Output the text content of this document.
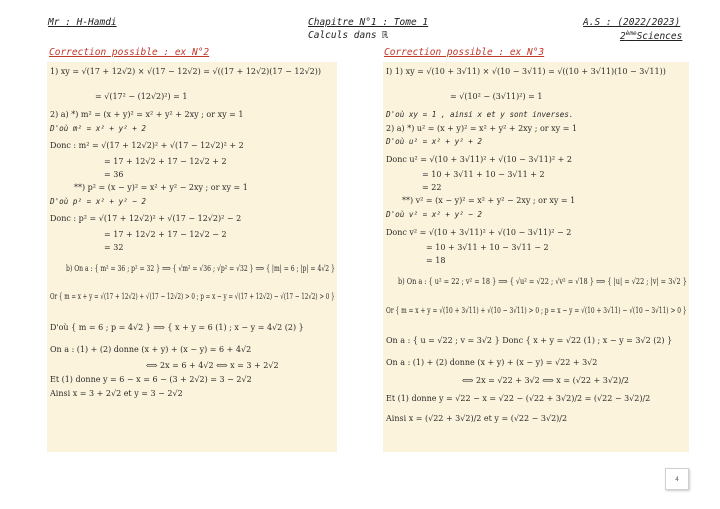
Mr : H-Hamdi	Chapitre N°1 : Tome 1
Calculs dans ℝ
A.S : (2022/2023)
2èmeSciences
Correction possible : ex N°2	Correction possible : ex N°3
1) xy = √(17 + 12√2) × √(17 − 12√2) = √((17 + 12√2)(17 − 12√2))
= √(17² − (12√2)²) = 1
2) a) *) m² = (x + y)² = x² + y² + 2xy ; or xy = 1
D'où m² = x² + y² + 2
Donc : m² = √(17 + 12√2)² + √(17 − 12√2)² + 2
= 17 + 12√2 + 17 − 12√2 + 2
= 36
**) p² = (x − y)² = x² + y² − 2xy ; or xy = 1
D'où p² = x² + y² − 2
Donc : p² = √(17 + 12√2)² + √(17 − 12√2)² − 2
= 17 + 12√2 + 17 − 12√2 − 2
= 32
b) On a : { m² = 36 ; p² = 32 } ⟹ { √m² = √36 ; √p² = √32 } ⟹ { |m| = 6 ; |p| = 4√2 }
Or { m = x + y = √(17 + 12√2) + √(17 − 12√2) > 0 ; p = x − y = √(17 + 12√2) − √(17 − 12√2) > 0 }
D'où { m = 6 ; p = 4√2 } ⟹ { x + y = 6 (1) ; x − y = 4√2 (2) }
On a : (1) + (2) donne (x + y) + (x − y) = 6 + 4√2
⟺ 2x = 6 + 4√2 ⟺ x = 3 + 2√2
Et (1) donne y = 6 − x = 6 − (3 + 2√2) = 3 − 2√2
Ainsi x = 3 + 2√2 et y = 3 − 2√2
I) 1) xy = √(10 + 3√11) × √(10 − 3√11) = √((10 + 3√11)(10 − 3√11))
= √(10² − (3√11)²) = 1
D'où xy = 1 , ainsi x et y sont inverses.
2) a) *) u² = (x + y)² = x² + y² + 2xy ; or xy = 1
D'où u² = x² + y² + 2
Donc u² = √(10 + 3√11)² + √(10 − 3√11)² + 2
= 10 + 3√11 + 10 − 3√11 + 2
= 22
**) v² = (x − y)² = x² + y² − 2xy ; or xy = 1
D'où v² = x² + y² − 2
Donc v² = √(10 + 3√11)² + √(10 − 3√11)² − 2
= 10 + 3√11 + 10 − 3√11 − 2
= 18
b) On a : { u² = 22 ; v² = 18 } ⟹ { √u² = √22 ; √v² = √18 } ⟹ { |u| = √22 ; |v| = 3√2 }
Or { m = x + y = √(10 + 3√11) + √(10 − 3√11) > 0 ; p = x − y = √(10 + 3√11) − √(10 − 3√11) > 0 }
On a : { u = √22 ; v = 3√2 } Donc { x + y = √22 (1) ; x − y = 3√2 (2) }
On a : (1) + (2) donne (x + y) + (x − y) = √22 + 3√2
⟺ 2x = √22 + 3√2 ⟺ x = (√22 + 3√2)/2
Et (1) donne y = √22 − x = √22 − (√22 + 3√2)/2 = (√22 − 3√2)/2
Ainsi x = (√22 + 3√2)/2 et y = (√22 − 3√2)/2
4
